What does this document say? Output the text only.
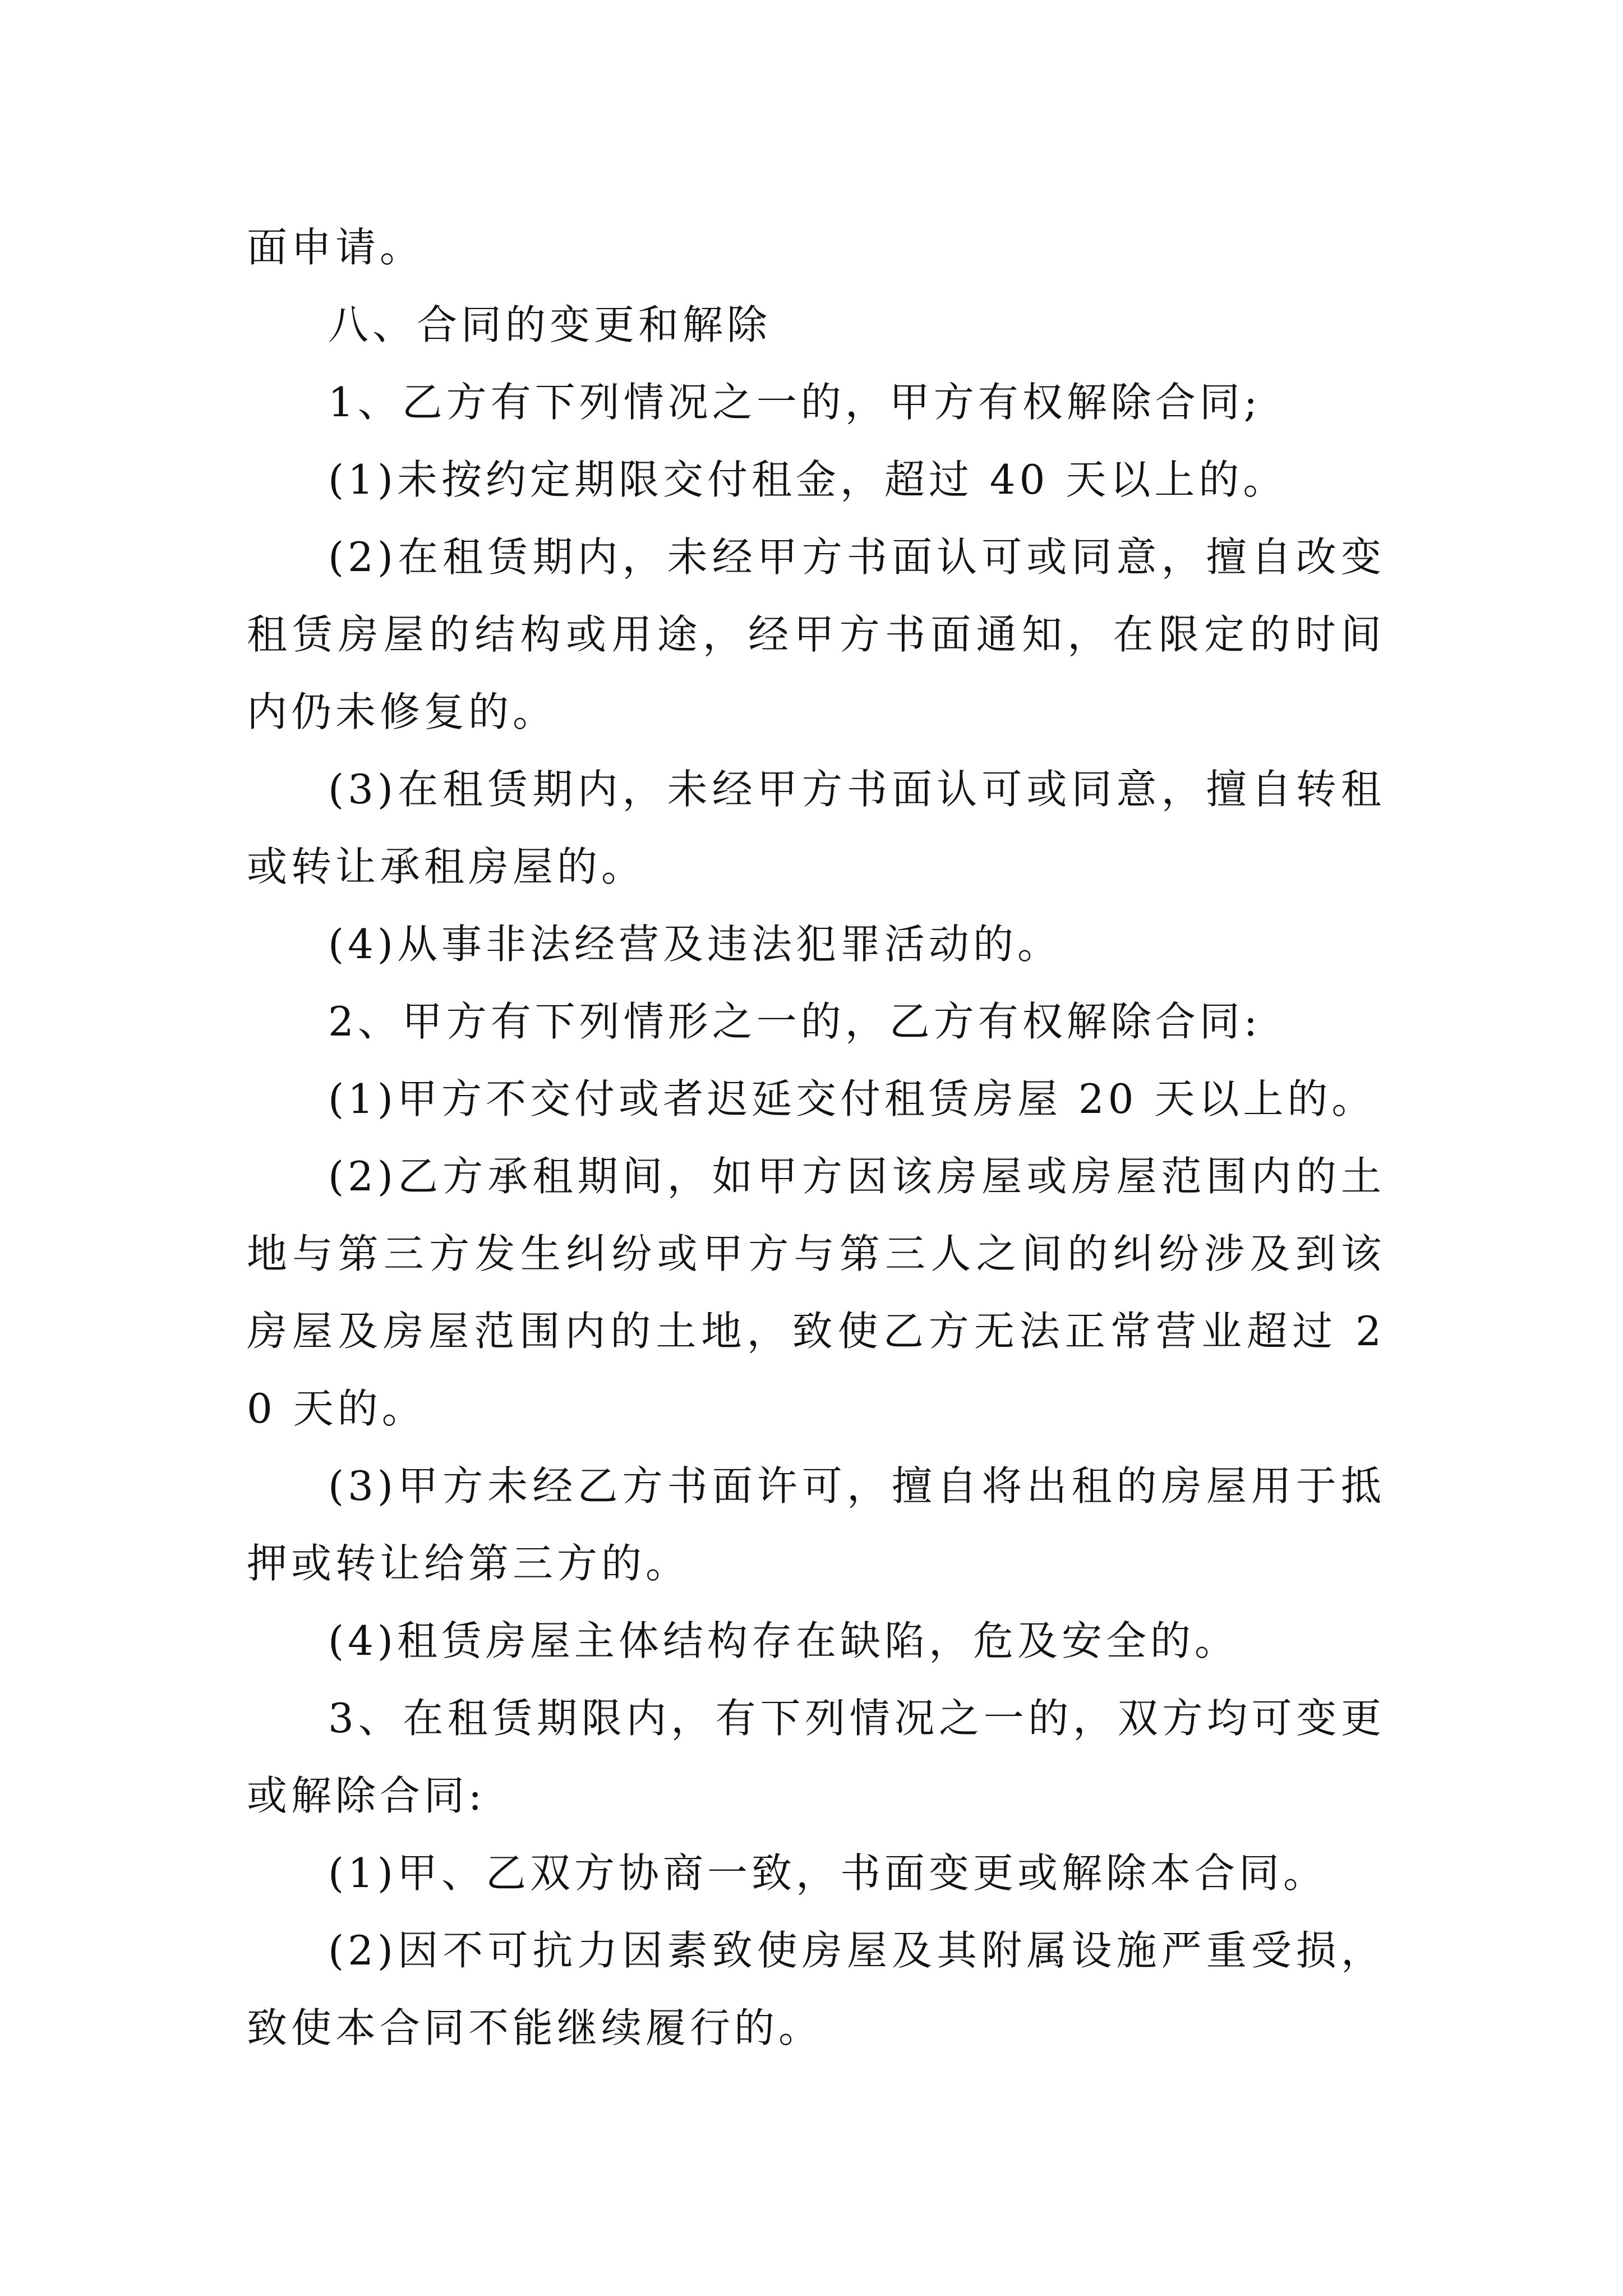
面申请。

八、合同的变更和解除

1、乙方有下列情况之一的，甲方有权解除合同;

(1)未按约定期限交付租金，超过 40 天以上的。

(2)在租赁期内，未经甲方书面认可或同意，擅自改变租赁房屋的结构或用途，经甲方书面通知，在限定的时间内仍未修复的。

(3)在租赁期内，未经甲方书面认可或同意，擅自转租或转让承租房屋的。

(4)从事非法经营及违法犯罪活动的。

2、甲方有下列情形之一的，乙方有权解除合同:

(1)甲方不交付或者迟延交付租赁房屋 20 天以上的。

(2)乙方承租期间，如甲方因该房屋或房屋范围内的土地与第三方发生纠纷或甲方与第三人之间的纠纷涉及到该房屋及房屋范围内的土地，致使乙方无法正常营业超过 20 天的。

(3)甲方未经乙方书面许可，擅自将出租的房屋用于抵押或转让给第三方的。

(4)租赁房屋主体结构存在缺陷，危及安全的。

3、在租赁期限内，有下列情况之一的，双方均可变更或解除合同:

(1)甲、乙双方协商一致，书面变更或解除本合同。

(2)因不可抗力因素致使房屋及其附属设施严重受损，致使本合同不能继续履行的。
